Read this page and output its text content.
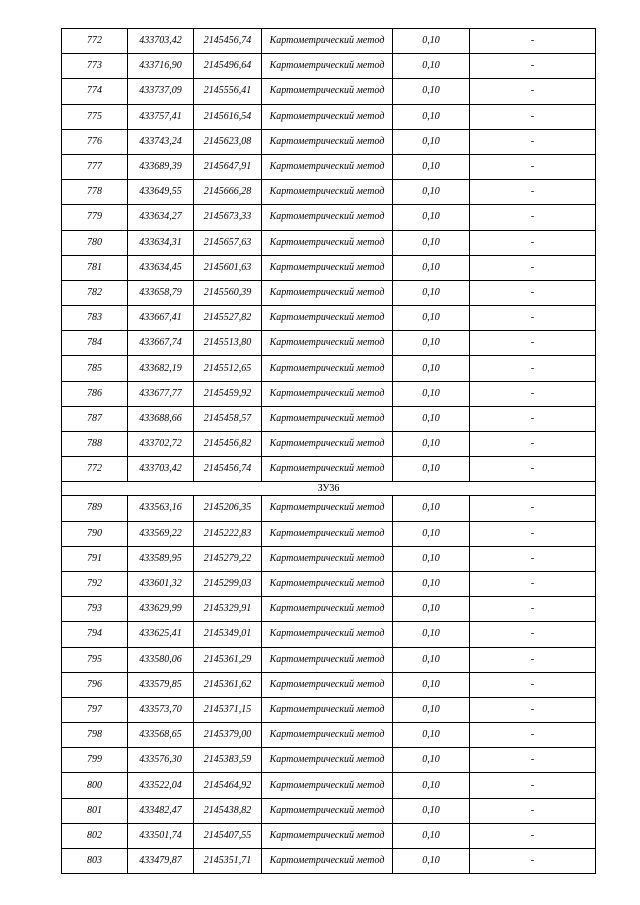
772	433703,42	2145456,74	Картометрический метод	0,10	-
773	433716,90	2145496,64	Картометрический метод	0,10	-
774	433737,09	2145556,41	Картометрический метод	0,10	-
775	433757,41	2145616,54	Картометрический метод	0,10	-
776	433743,24	2145623,08	Картометрический метод	0,10	-
777	433689,39	2145647,91	Картометрический метод	0,10	-
778	433649,55	2145666,28	Картометрический метод	0,10	-
779	433634,27	2145673,33	Картометрический метод	0,10	-
780	433634,31	2145657,63	Картометрический метод	0,10	-
781	433634,45	2145601,63	Картометрический метод	0,10	-
782	433658,79	2145560,39	Картометрический метод	0,10	-
783	433667,41	2145527,82	Картометрический метод	0,10	-
784	433667,74	2145513,80	Картометрический метод	0,10	-
785	433682,19	2145512,65	Картометрический метод	0,10	-
786	433677,77	2145459,92	Картометрический метод	0,10	-
787	433688,66	2145458,57	Картометрический метод	0,10	-
788	433702,72	2145456,82	Картометрический метод	0,10	-
772	433703,42	2145456,74	Картометрический метод	0,10	-
ЗУ36					
789	433563,16	2145206,35	Картометрический метод	0,10	-
790	433569,22	2145222,83	Картометрический метод	0,10	-
791	433589,95	2145279,22	Картометрический метод	0,10	-
792	433601,32	2145299,03	Картометрический метод	0,10	-
793	433629,99	2145329,91	Картометрический метод	0,10	-
794	433625,41	2145349,01	Картометрический метод	0,10	-
795	433580,06	2145361,29	Картометрический метод	0,10	-
796	433579,85	2145361,62	Картометрический метод	0,10	-
797	433573,70	2145371,15	Картометрический метод	0,10	-
798	433568,65	2145379,00	Картометрический метод	0,10	-
799	433576,30	2145383,59	Картометрический метод	0,10	-
800	433522,04	2145464,92	Картометрический метод	0,10	-
801	433482,47	2145438,82	Картометрический метод	0,10	-
802	433501,74	2145407,55	Картометрический метод	0,10	-
803	433479,87	2145351,71	Картометрический метод	0,10	-
